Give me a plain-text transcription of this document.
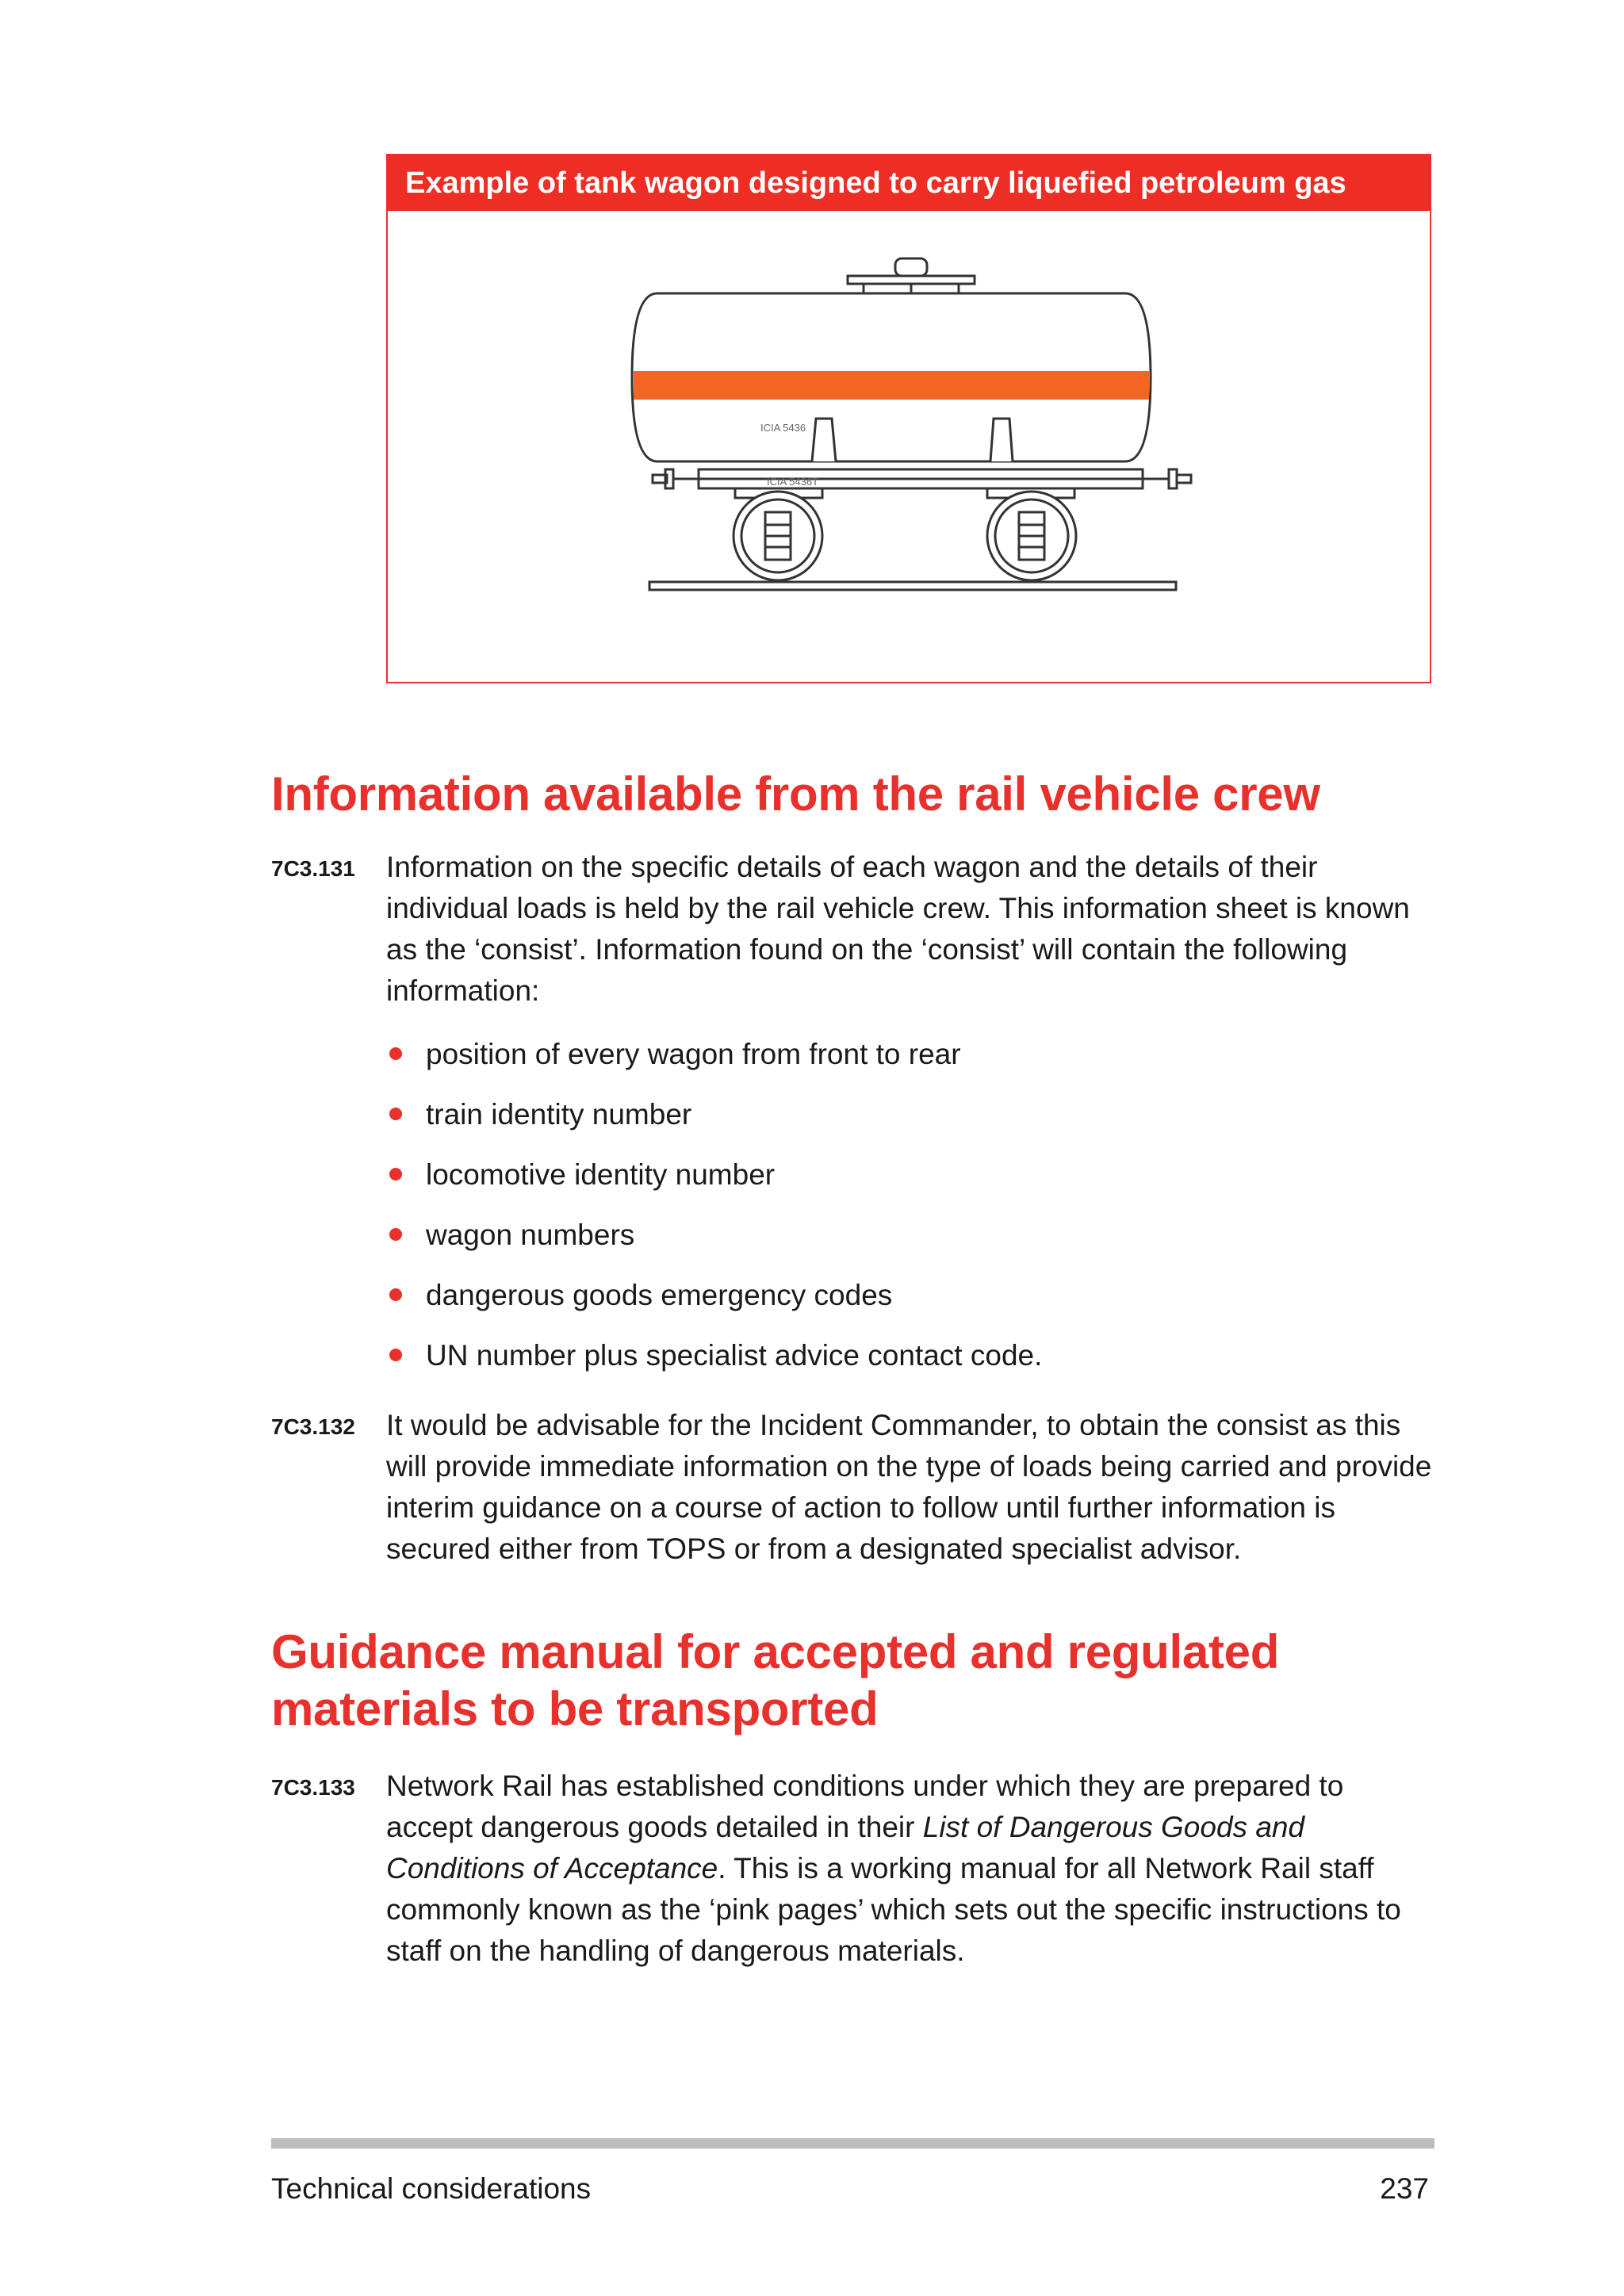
Example of tank wagon designed to carry liquefied petroleum gas
ICIA 5436
ICIA 5436T
Information available from the rail vehicle crew
7C3.131 Information on the specific details of each wagon and the details of their individual loads is held by the rail vehicle crew. This information sheet is known as the ‘consist’. Information found on the ‘consist’ will contain the following information:
position of every wagon from front to rear
train identity number
locomotive identity number
wagon numbers
dangerous goods emergency codes
UN number plus specialist advice contact code.
7C3.132 It would be advisable for the Incident Commander, to obtain the consist as this will provide immediate information on the type of loads being carried and provide interim guidance on a course of action to follow until further information is secured either from TOPS or from a designated specialist advisor.
Guidance manual for accepted and regulated
materials to be transported
7C3.133 Network Rail has established conditions under which they are prepared to accept dangerous goods detailed in their List of Dangerous Goods and Conditions of Acceptance. This is a working manual for all Network Rail staff commonly known as the ‘pink pages’ which sets out the specific instructions to staff on the handling of dangerous materials.
Technical considerations	237
